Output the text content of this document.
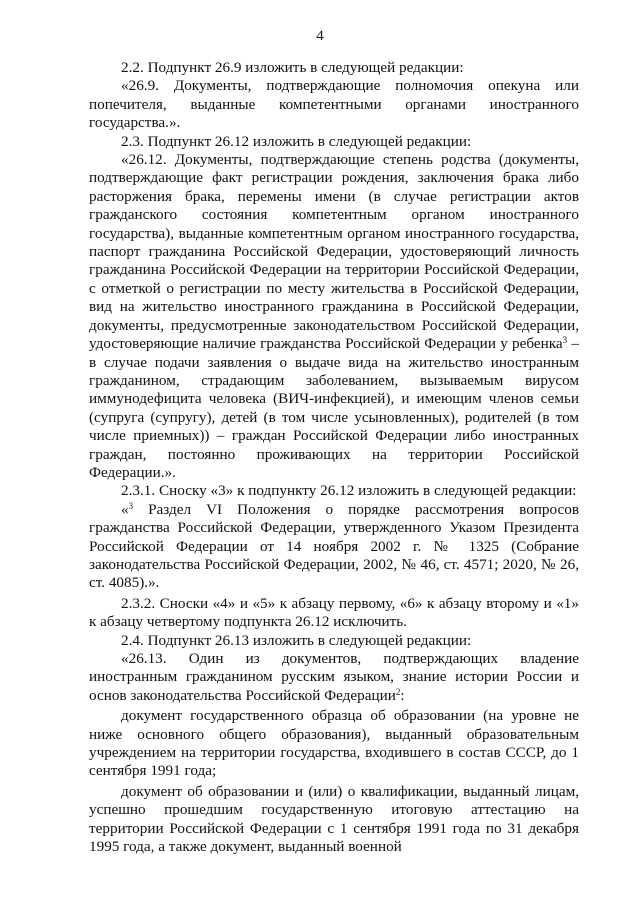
4

2.2. Подпункт 26.9 изложить в следующей редакции:

«26.9. Документы, подтверждающие полномочия опекуна или попечителя, выданные компетентными органами иностранного государства.».

2.3. Подпункт 26.12 изложить в следующей редакции:

«26.12. Документы, подтверждающие степень родства (документы, подтверждающие факт регистрации рождения, заключения брака либо расторжения брака, перемены имени (в случае регистрации актов гражданского состояния компетентным органом иностранного государства), выданные компетентным органом иностранного государства, паспорт гражданина Российской Федерации, удостоверяющий личность гражданина Российской Федерации на территории Российской Федерации, с отметкой о регистрации по месту жительства в Российской Федерации, вид на жительство иностранного гражданина в Российской Федерации, документы, предусмотренные законодательством Российской Федерации, удостоверяющие наличие гражданства Российской Федерации у ребенка$^3$ – в случае подачи заявления о выдаче вида на жительство иностранным гражданином, страдающим заболеванием, вызываемым вирусом иммунодефицита человека (ВИЧ-инфекцией), и имеющим членов семьи (супруга (супругу), детей (в том числе усыновленных), родителей (в том числе приемных)) – граждан Российской Федерации либо иностранных граждан, постоянно проживающих на территории Российской Федерации.».

2.3.1. Сноску «3» к подпункту 26.12 изложить в следующей редакции:

«$^3$ Раздел VI Положения о порядке рассмотрения вопросов гражданства Российской Федерации, утвержденного Указом Президента Российской Федерации от 14 ноября 2002 г. № 1325 (Собрание законодательства Российской Федерации, 2002, № 46, ст. 4571; 2020, № 26, ст. 4085).».

2.3.2. Сноски «4» и «5» к абзацу первому, «6» к абзацу второму и «1» к абзацу четвертому подпункта 26.12 исключить.

2.4. Подпункт 26.13 изложить в следующей редакции:

«26.13. Один из документов, подтверждающих владение иностранным гражданином русским языком, знание истории России и основ законодательства Российской Федерации$^2$:

документ государственного образца об образовании (на уровне не ниже основного общего образования), выданный образовательным учреждением на территории государства, входившего в состав СССР, до 1 сентября 1991 года;

документ об образовании и (или) о квалификации, выданный лицам, успешно прошедшим государственную итоговую аттестацию на территории Российской Федерации с 1 сентября 1991 года по 31 декабря 1995 года, а также документ, выданный военной
